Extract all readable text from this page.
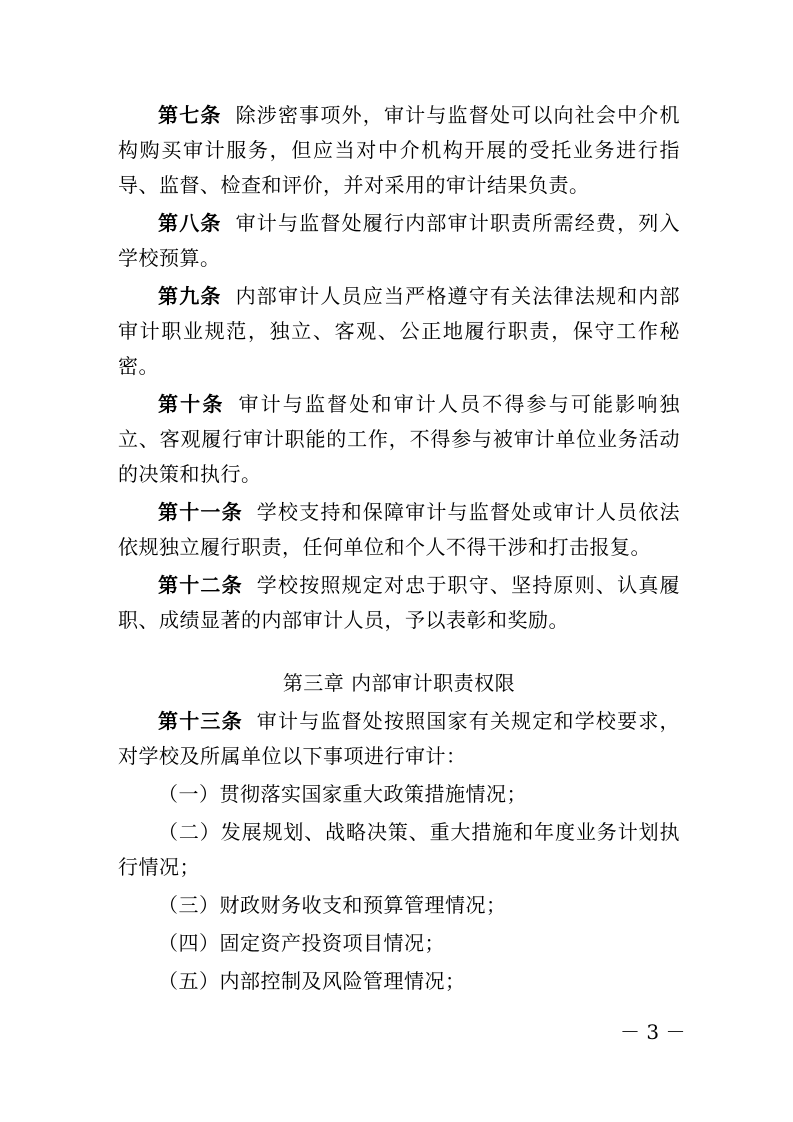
第七条 除涉密事项外，审计与监督处可以向社会中介机构购买审计服务，但应当对中介机构开展的受托业务进行指导、监督、检查和评价，并对采用的审计结果负责。

第八条 审计与监督处履行内部审计职责所需经费，列入学校预算。

第九条 内部审计人员应当严格遵守有关法律法规和内部审计职业规范，独立、客观、公正地履行职责，保守工作秘密。

第十条 审计与监督处和审计人员不得参与可能影响独立、客观履行审计职能的工作，不得参与被审计单位业务活动的决策和执行。

第十一条 学校支持和保障审计与监督处或审计人员依法依规独立履行职责，任何单位和个人不得干涉和打击报复。

第十二条 学校按照规定对忠于职守、坚持原则、认真履职、成绩显著的内部审计人员，予以表彰和奖励。

第三章 内部审计职责权限

第十三条 审计与监督处按照国家有关规定和学校要求，对学校及所属单位以下事项进行审计：

（一）贯彻落实国家重大政策措施情况；

（二）发展规划、战略决策、重大措施和年度业务计划执行情况；

（三）财政财务收支和预算管理情况；

（四）固定资产投资项目情况；

（五）内部控制及风险管理情况；

－ 3 －
